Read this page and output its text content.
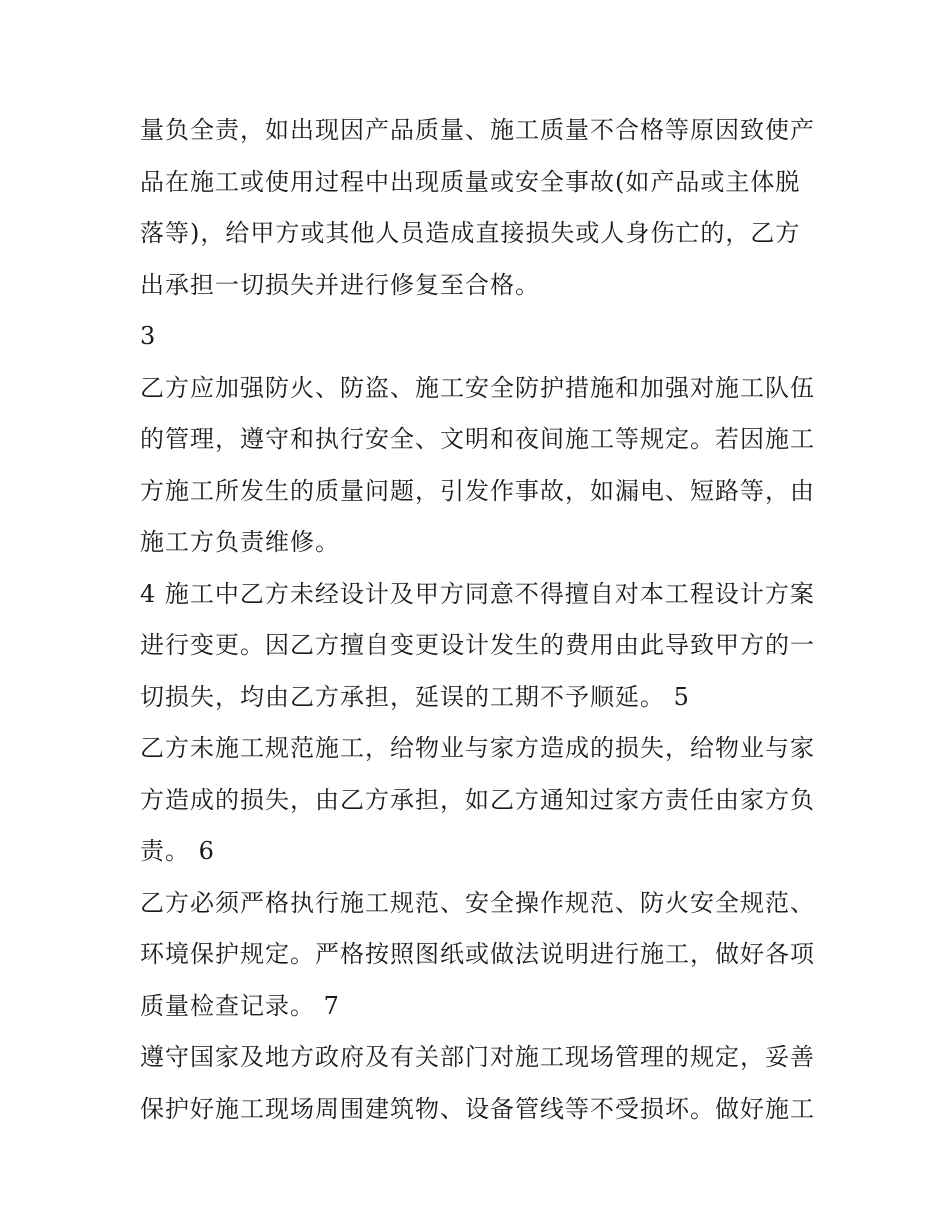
量负全责，如出现因产品质量、施工质量不合格等原因致使产
品在施工或使用过程中出现质量或安全事故(如产品或主体脱
落等)，给甲方或其他人员造成直接损失或人身伤亡的，乙方
出承担一切损失并进行修复至合格。
3
乙方应加强防火、防盗、施工安全防护措施和加强对施工队伍
的管理，遵守和执行安全、文明和夜间施工等规定。若因施工
方施工所发生的质量问题，引发作事故，如漏电、短路等，由
施工方负责维修。
4 施工中乙方未经设计及甲方同意不得擅自对本工程设计方案
进行变更。因乙方擅自变更设计发生的费用由此导致甲方的一
切损失，均由乙方承担，延误的工期不予顺延。 5
乙方未施工规范施工，给物业与家方造成的损失，给物业与家
方造成的损失，由乙方承担，如乙方通知过家方责任由家方负
责。 6
乙方必须严格执行施工规范、安全操作规范、防火安全规范、
环境保护规定。严格按照图纸或做法说明进行施工，做好各项
质量检查记录。 7
遵守国家及地方政府及有关部门对施工现场管理的规定，妥善
保护好施工现场周围建筑物、设备管线等不受损坏。做好施工
